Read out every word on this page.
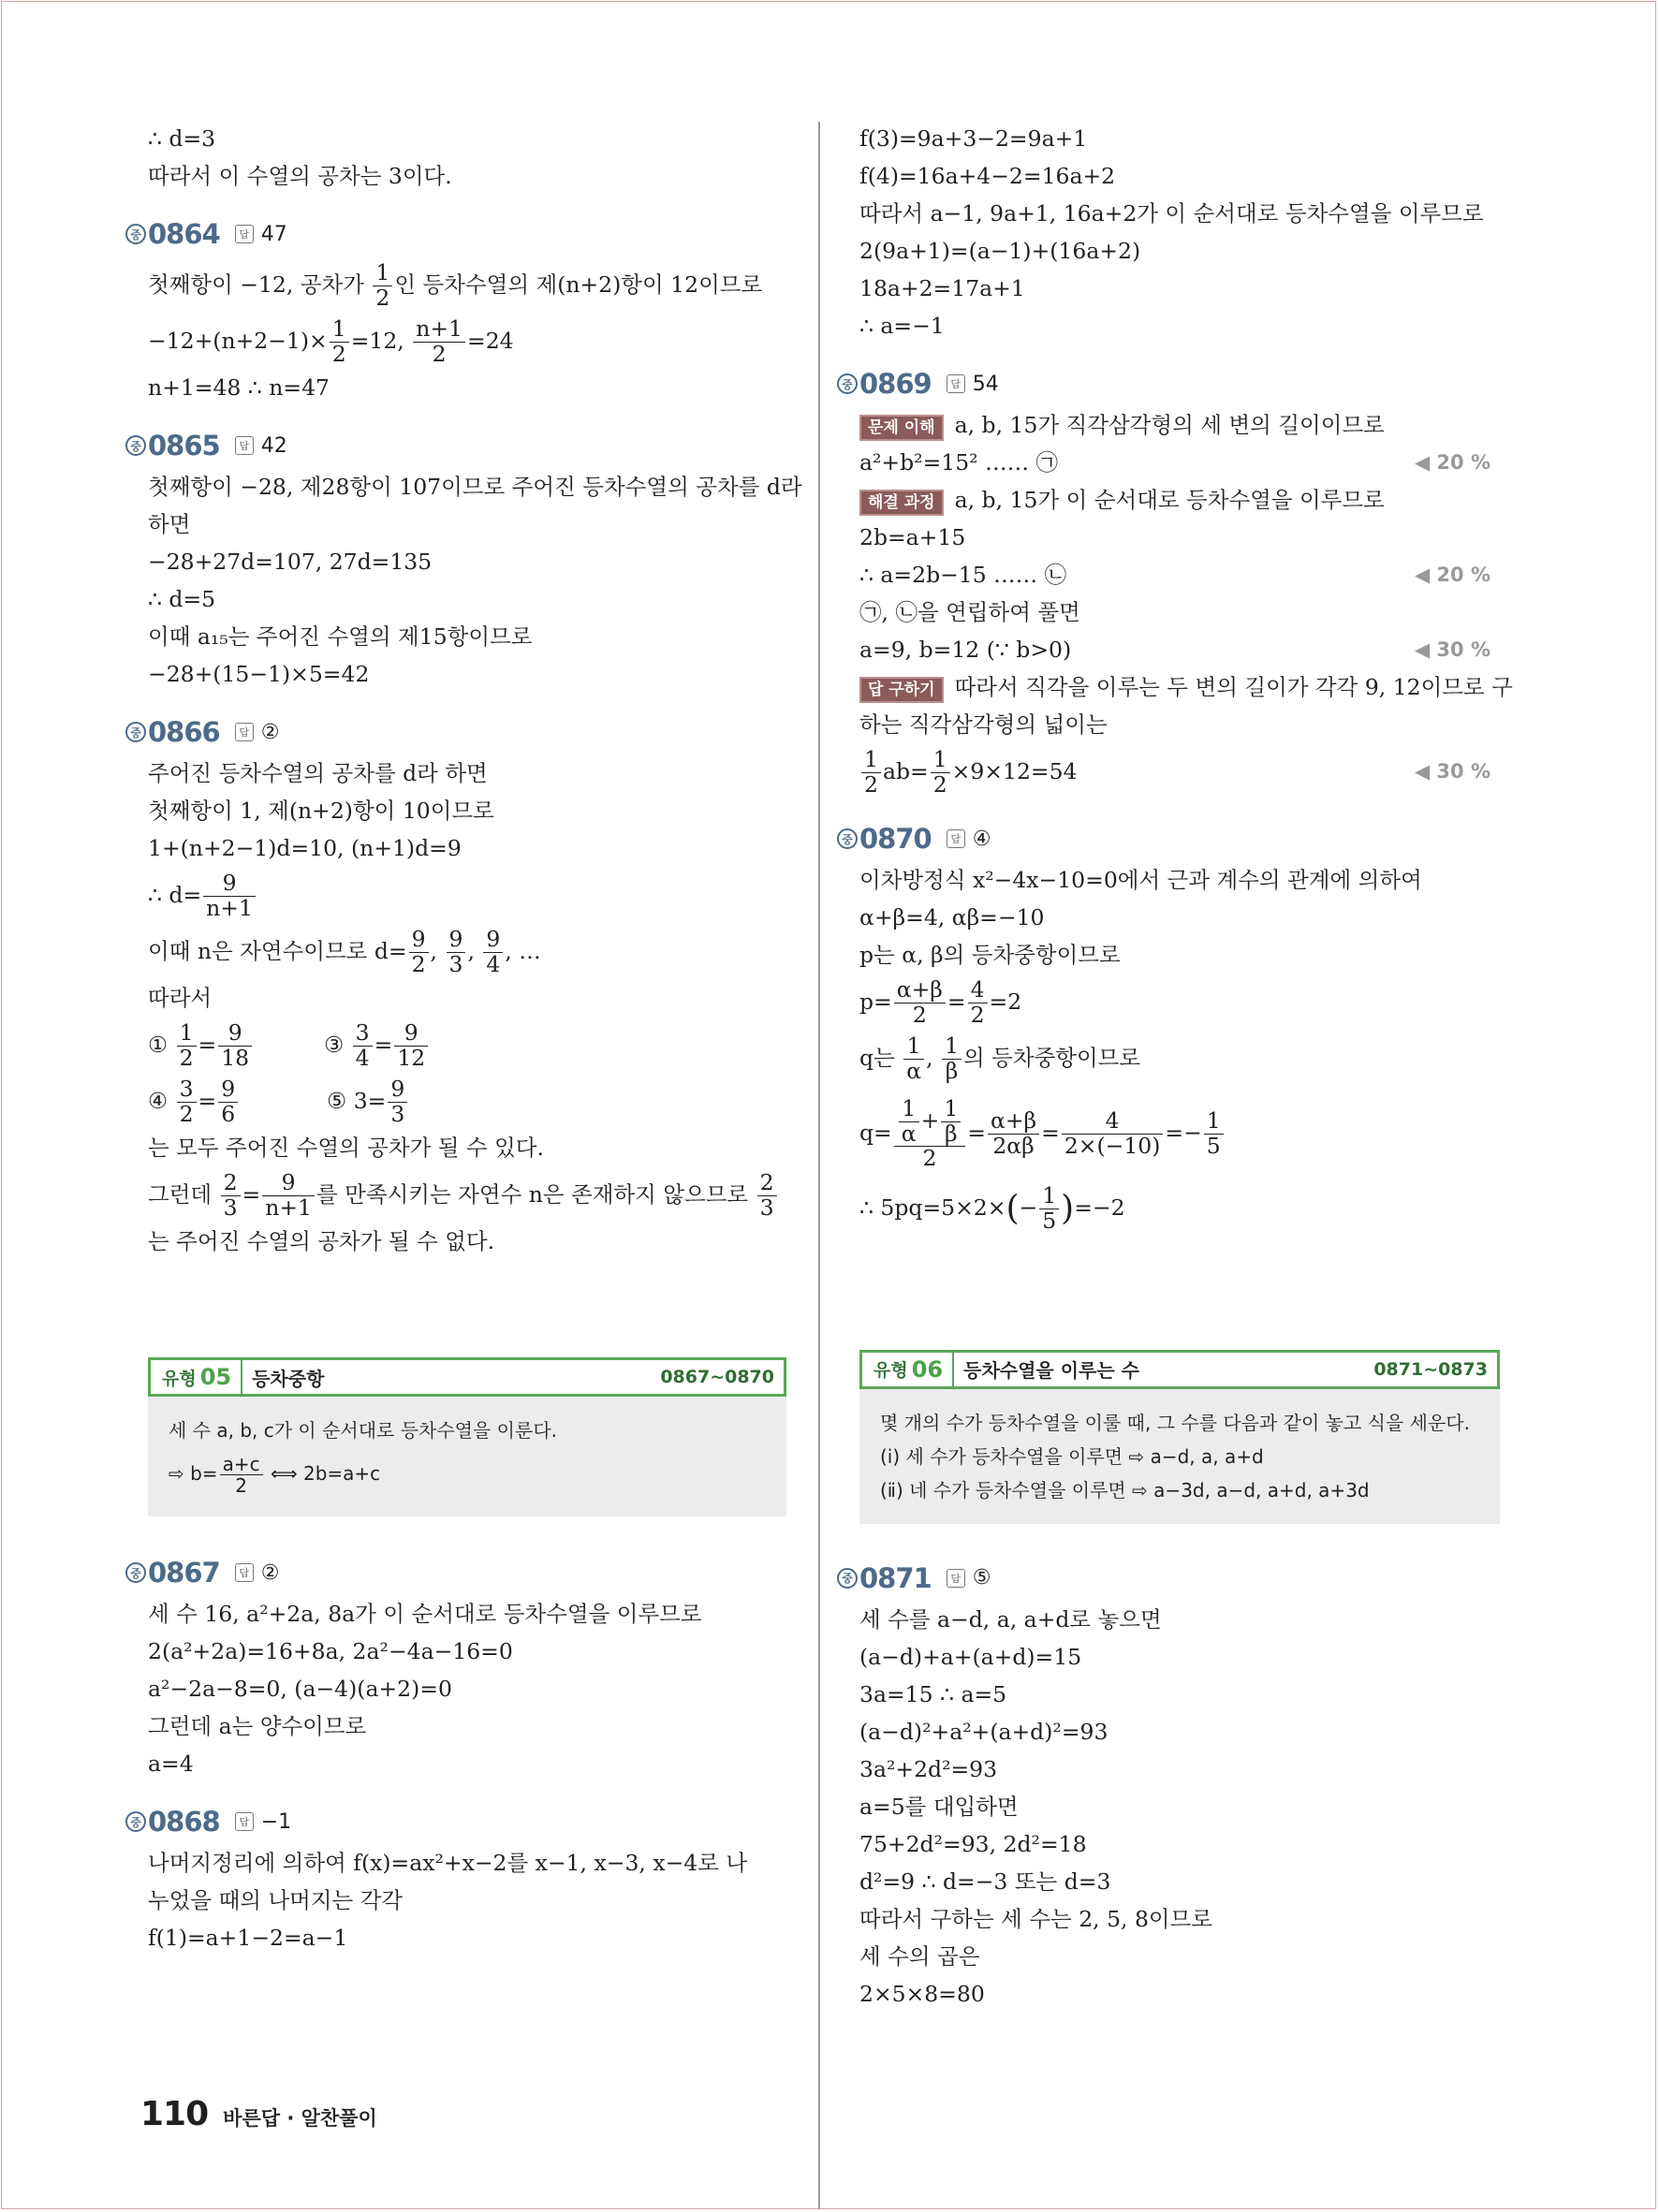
∴ d=3
따라서 이 수열의 공차는 3이다.
중 0864	답 47
첫째항이 −12, 공차가 $\frac{1}{2}$ 인 등차수열의 제(n+2)항이 12이므로
$-12+(n+2-1)\times \frac{1}{2} =12$, $\frac{n+1}{2} =24$
n+1=48 ∴ n=47
중 0865	답 42
첫째항이 −28, 제28항이 107이므로 주어진 등차수열의 공차를 d라
하면
−28+27d=107, 27d=135
∴ d=5
이때 a₁₅는 주어진 수열의 제15항이므로
−28+(15−1)×5=42
중 0866	답 ②
주어진 등차수열의 공차를 d라 하면
첫째항이 1, 제(n+2)항이 10이므로
1+(n+2−1)d=10, (n+1)d=9
∴ $d= \frac{9}{n+1}$
이때 n은 자연수이므로 $d= \frac{9}{2}$ , $\frac{9}{3}$ , $\frac{9}{4}$ , …
따라서
① $\frac{1}{2} = \frac{9}{18}$	③ $\frac{3}{4} = \frac{9}{12}$
④ $\frac{3}{2} = \frac{9}{6}$	⑤ $3= \frac{9}{3}$
는 모두 주어진 수열의 공차가 될 수 있다.
그런데 $\frac{2}{3} = \frac{9}{n+1}$ 를 만족시키는 자연수 n은 존재하지 않으므로 $\frac{2}{3}$
는 주어진 수열의 공차가 될 수 없다.
유형 05	등차중항	0867~0870
세 수 a, b, c가 이 순서대로 등차수열을 이룬다.
⇨ $b= \frac{a+c}{2}$ ⟺ 2b=a+c
중 0867	답 ②
세 수 16, a²+2a, 8a가 이 순서대로 등차수열을 이루므로
2(a²+2a)=16+8a, 2a²−4a−16=0
a²−2a−8=0, (a−4)(a+2)=0
그런데 a는 양수이므로
a=4
중 0868	답 −1
나머지정리에 의하여 f(x)=ax²+x−2를 x−1, x−3, x−4로 나
누었을 때의 나머지는 각각
f(1)=a+1−2=a−1
f(3)=9a+3−2=9a+1
f(4)=16a+4−2=16a+2
따라서 a−1, 9a+1, 16a+2가 이 순서대로 등차수열을 이루므로
2(9a+1)=(a−1)+(16a+2)
18a+2=17a+1
∴ a=−1
중 0869	답 54
문제 이해 a, b, 15가 직각삼각형의 세 변의 길이이므로
a²+b²=15² …… ㉠	◀ 20 %
해결 과정 a, b, 15가 이 순서대로 등차수열을 이루므로
2b=a+15
∴ a=2b−15 …… ㉡	◀ 20 %
㉠, ㉡을 연립하여 풀면
a=9, b=12 (∵ b>0)	◀ 30 %
답 구하기 따라서 직각을 이루는 두 변의 길이가 각각 9, 12이므로 구
하는 직각삼각형의 넓이는
$\frac{1}{2} ab= \frac{1}{2} \times 9\times 12=54$	◀ 30 %
중 0870	답 ④
이차방정식 x²−4x−10=0에서 근과 계수의 관계에 의하여
α+β=4, αβ=−10
p는 α, β의 등차중항이므로
$p= \frac{\alpha+\beta}{2} = \frac{4}{2} =2$
q는 $\frac{1}{\alpha}$ , $\frac{1}{\beta}$ 의 등차중항이므로
$q= \frac{\frac{1}{\alpha} + \frac{1}{\beta}}{2} = \frac{\alpha+\beta}{2\alpha\beta} = \frac{4}{2\times(-10)} =- \frac{1}{5}$
∴ $5pq=5\times 2\times(- \frac{1}{5} )=-2$
유형 06	등차수열을 이루는 수	0871~0873
몇 개의 수가 등차수열을 이룰 때, 그 수를 다음과 같이 놓고 식을 세운다.
(ⅰ) 세 수가 등차수열을 이루면 ⇨ a−d, a, a+d
(ⅱ) 네 수가 등차수열을 이루면 ⇨ a−3d, a−d, a+d, a+3d
중 0871	답 ⑤
세 수를 a−d, a, a+d로 놓으면
(a−d)+a+(a+d)=15
3a=15 ∴ a=5
(a−d)²+a²+(a+d)²=93
3a²+2d²=93
a=5를 대입하면
75+2d²=93, 2d²=18
d²=9 ∴ d=−3 또는 d=3
따라서 구하는 세 수는 2, 5, 8이므로
세 수의 곱은
2×5×8=80
110 바른답 · 알찬풀이
